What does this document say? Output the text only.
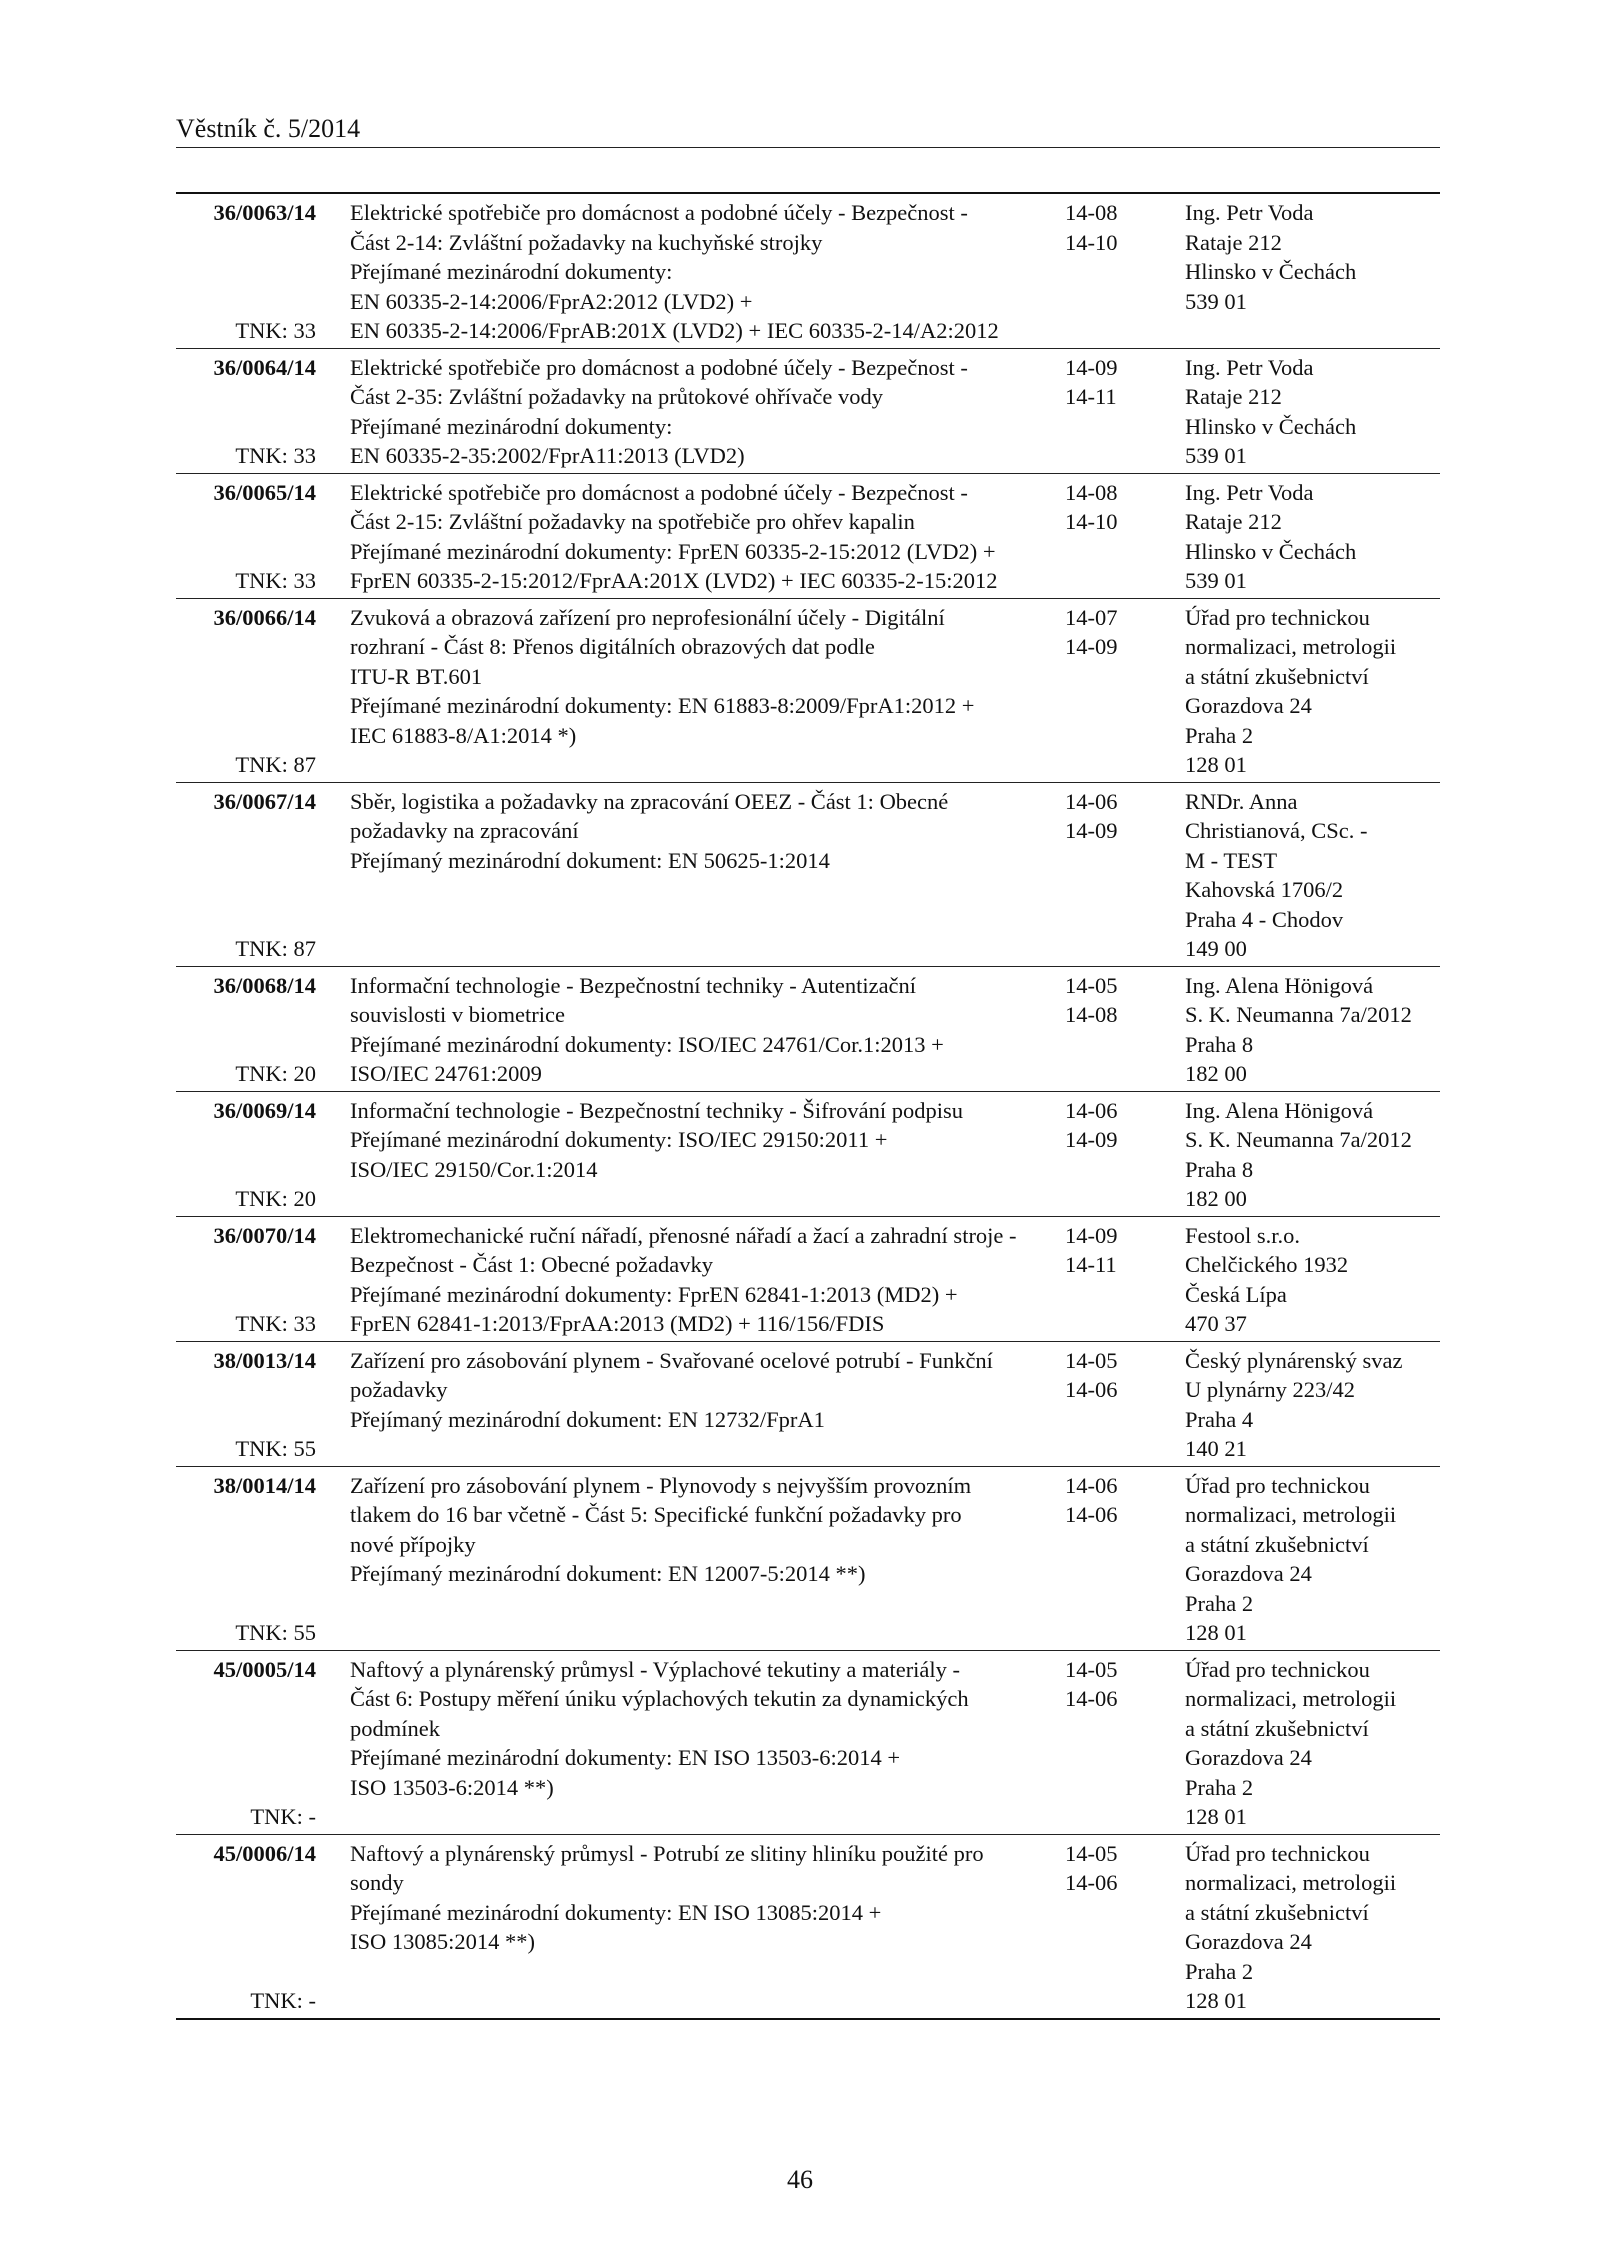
Věstník č. 5/2014
36/0063/14
TNK: 33
Elektrické spotřebiče pro domácnost a podobné účely - Bezpečnost -
Část 2-14: Zvláštní požadavky na kuchyňské strojky
Přejímané mezinárodní dokumenty:
EN 60335-2-14:2006/FprA2:2012 (LVD2) +
EN 60335-2-14:2006/FprAB:201X (LVD2) + IEC 60335-2-14/A2:2012
14-08
14-10
Ing. Petr Voda
Rataje 212
Hlinsko v Čechách
539 01
36/0064/14
TNK: 33
Elektrické spotřebiče pro domácnost a podobné účely - Bezpečnost -
Část 2-35: Zvláštní požadavky na průtokové ohřívače vody
Přejímané mezinárodní dokumenty:
EN 60335-2-35:2002/FprA11:2013 (LVD2)
14-09
14-11
Ing. Petr Voda
Rataje 212
Hlinsko v Čechách
539 01
36/0065/14
TNK: 33
Elektrické spotřebiče pro domácnost a podobné účely - Bezpečnost -
Část 2-15: Zvláštní požadavky na spotřebiče pro ohřev kapalin
Přejímané mezinárodní dokumenty: FprEN 60335-2-15:2012 (LVD2) +
FprEN 60335-2-15:2012/FprAA:201X (LVD2) + IEC 60335-2-15:2012
14-08
14-10
Ing. Petr Voda
Rataje 212
Hlinsko v Čechách
539 01
36/0066/14
TNK: 87
Zvuková a obrazová zařízení pro neprofesionální účely - Digitální
rozhraní - Část 8: Přenos digitálních obrazových dat podle
ITU-R BT.601
Přejímané mezinárodní dokumenty: EN 61883-8:2009/FprA1:2012 +
IEC 61883-8/A1:2014 *)
14-07
14-09
Úřad pro technickou
normalizaci, metrologii
a státní zkušebnictví
Gorazdova 24
Praha 2
128 01
36/0067/14
TNK: 87
Sběr, logistika a požadavky na zpracování OEEZ - Část 1: Obecné
požadavky na zpracování
Přejímaný mezinárodní dokument: EN 50625-1:2014
14-06
14-09
RNDr. Anna
Christianová, CSc. -
M - TEST
Kahovská 1706/2
Praha 4 - Chodov
149 00
36/0068/14
TNK: 20
Informační technologie - Bezpečnostní techniky - Autentizační
souvislosti v biometrice
Přejímané mezinárodní dokumenty: ISO/IEC 24761/Cor.1:2013 +
ISO/IEC 24761:2009
14-05
14-08
Ing. Alena Hönigová
S. K. Neumanna 7a/2012
Praha 8
182 00
36/0069/14
TNK: 20
Informační technologie - Bezpečnostní techniky - Šifrování podpisu
Přejímané mezinárodní dokumenty: ISO/IEC 29150:2011 +
ISO/IEC 29150/Cor.1:2014
14-06
14-09
Ing. Alena Hönigová
S. K. Neumanna 7a/2012
Praha 8
182 00
36/0070/14
TNK: 33
Elektromechanické ruční nářadí, přenosné nářadí a žací a zahradní stroje -
Bezpečnost - Část 1: Obecné požadavky
Přejímané mezinárodní dokumenty: FprEN 62841-1:2013 (MD2) +
FprEN 62841-1:2013/FprAA:2013 (MD2) + 116/156/FDIS
14-09
14-11
Festool s.r.o.
Chelčického 1932
Česká Lípa
470 37
38/0013/14
TNK: 55
Zařízení pro zásobování plynem - Svařované ocelové potrubí - Funkční
požadavky
Přejímaný mezinárodní dokument: EN 12732/FprA1
14-05
14-06
Český plynárenský svaz
U plynárny 223/42
Praha 4
140 21
38/0014/14
TNK: 55
Zařízení pro zásobování plynem - Plynovody s nejvyšším provozním
tlakem do 16 bar včetně - Část 5: Specifické funkční požadavky pro
nové přípojky
Přejímaný mezinárodní dokument: EN 12007-5:2014 **)
14-06
14-06
Úřad pro technickou
normalizaci, metrologii
a státní zkušebnictví
Gorazdova 24
Praha 2
128 01
45/0005/14
TNK: -
Naftový a plynárenský průmysl - Výplachové tekutiny a materiály -
Část 6: Postupy měření úniku výplachových tekutin za dynamických
podmínek
Přejímané mezinárodní dokumenty: EN ISO 13503-6:2014 +
ISO 13503-6:2014 **)
14-05
14-06
Úřad pro technickou
normalizaci, metrologii
a státní zkušebnictví
Gorazdova 24
Praha 2
128 01
45/0006/14
TNK: -
Naftový a plynárenský průmysl - Potrubí ze slitiny hliníku použité pro
sondy
Přejímané mezinárodní dokumenty: EN ISO 13085:2014 +
ISO 13085:2014 **)
14-05
14-06
Úřad pro technickou
normalizaci, metrologii
a státní zkušebnictví
Gorazdova 24
Praha 2
128 01
46
